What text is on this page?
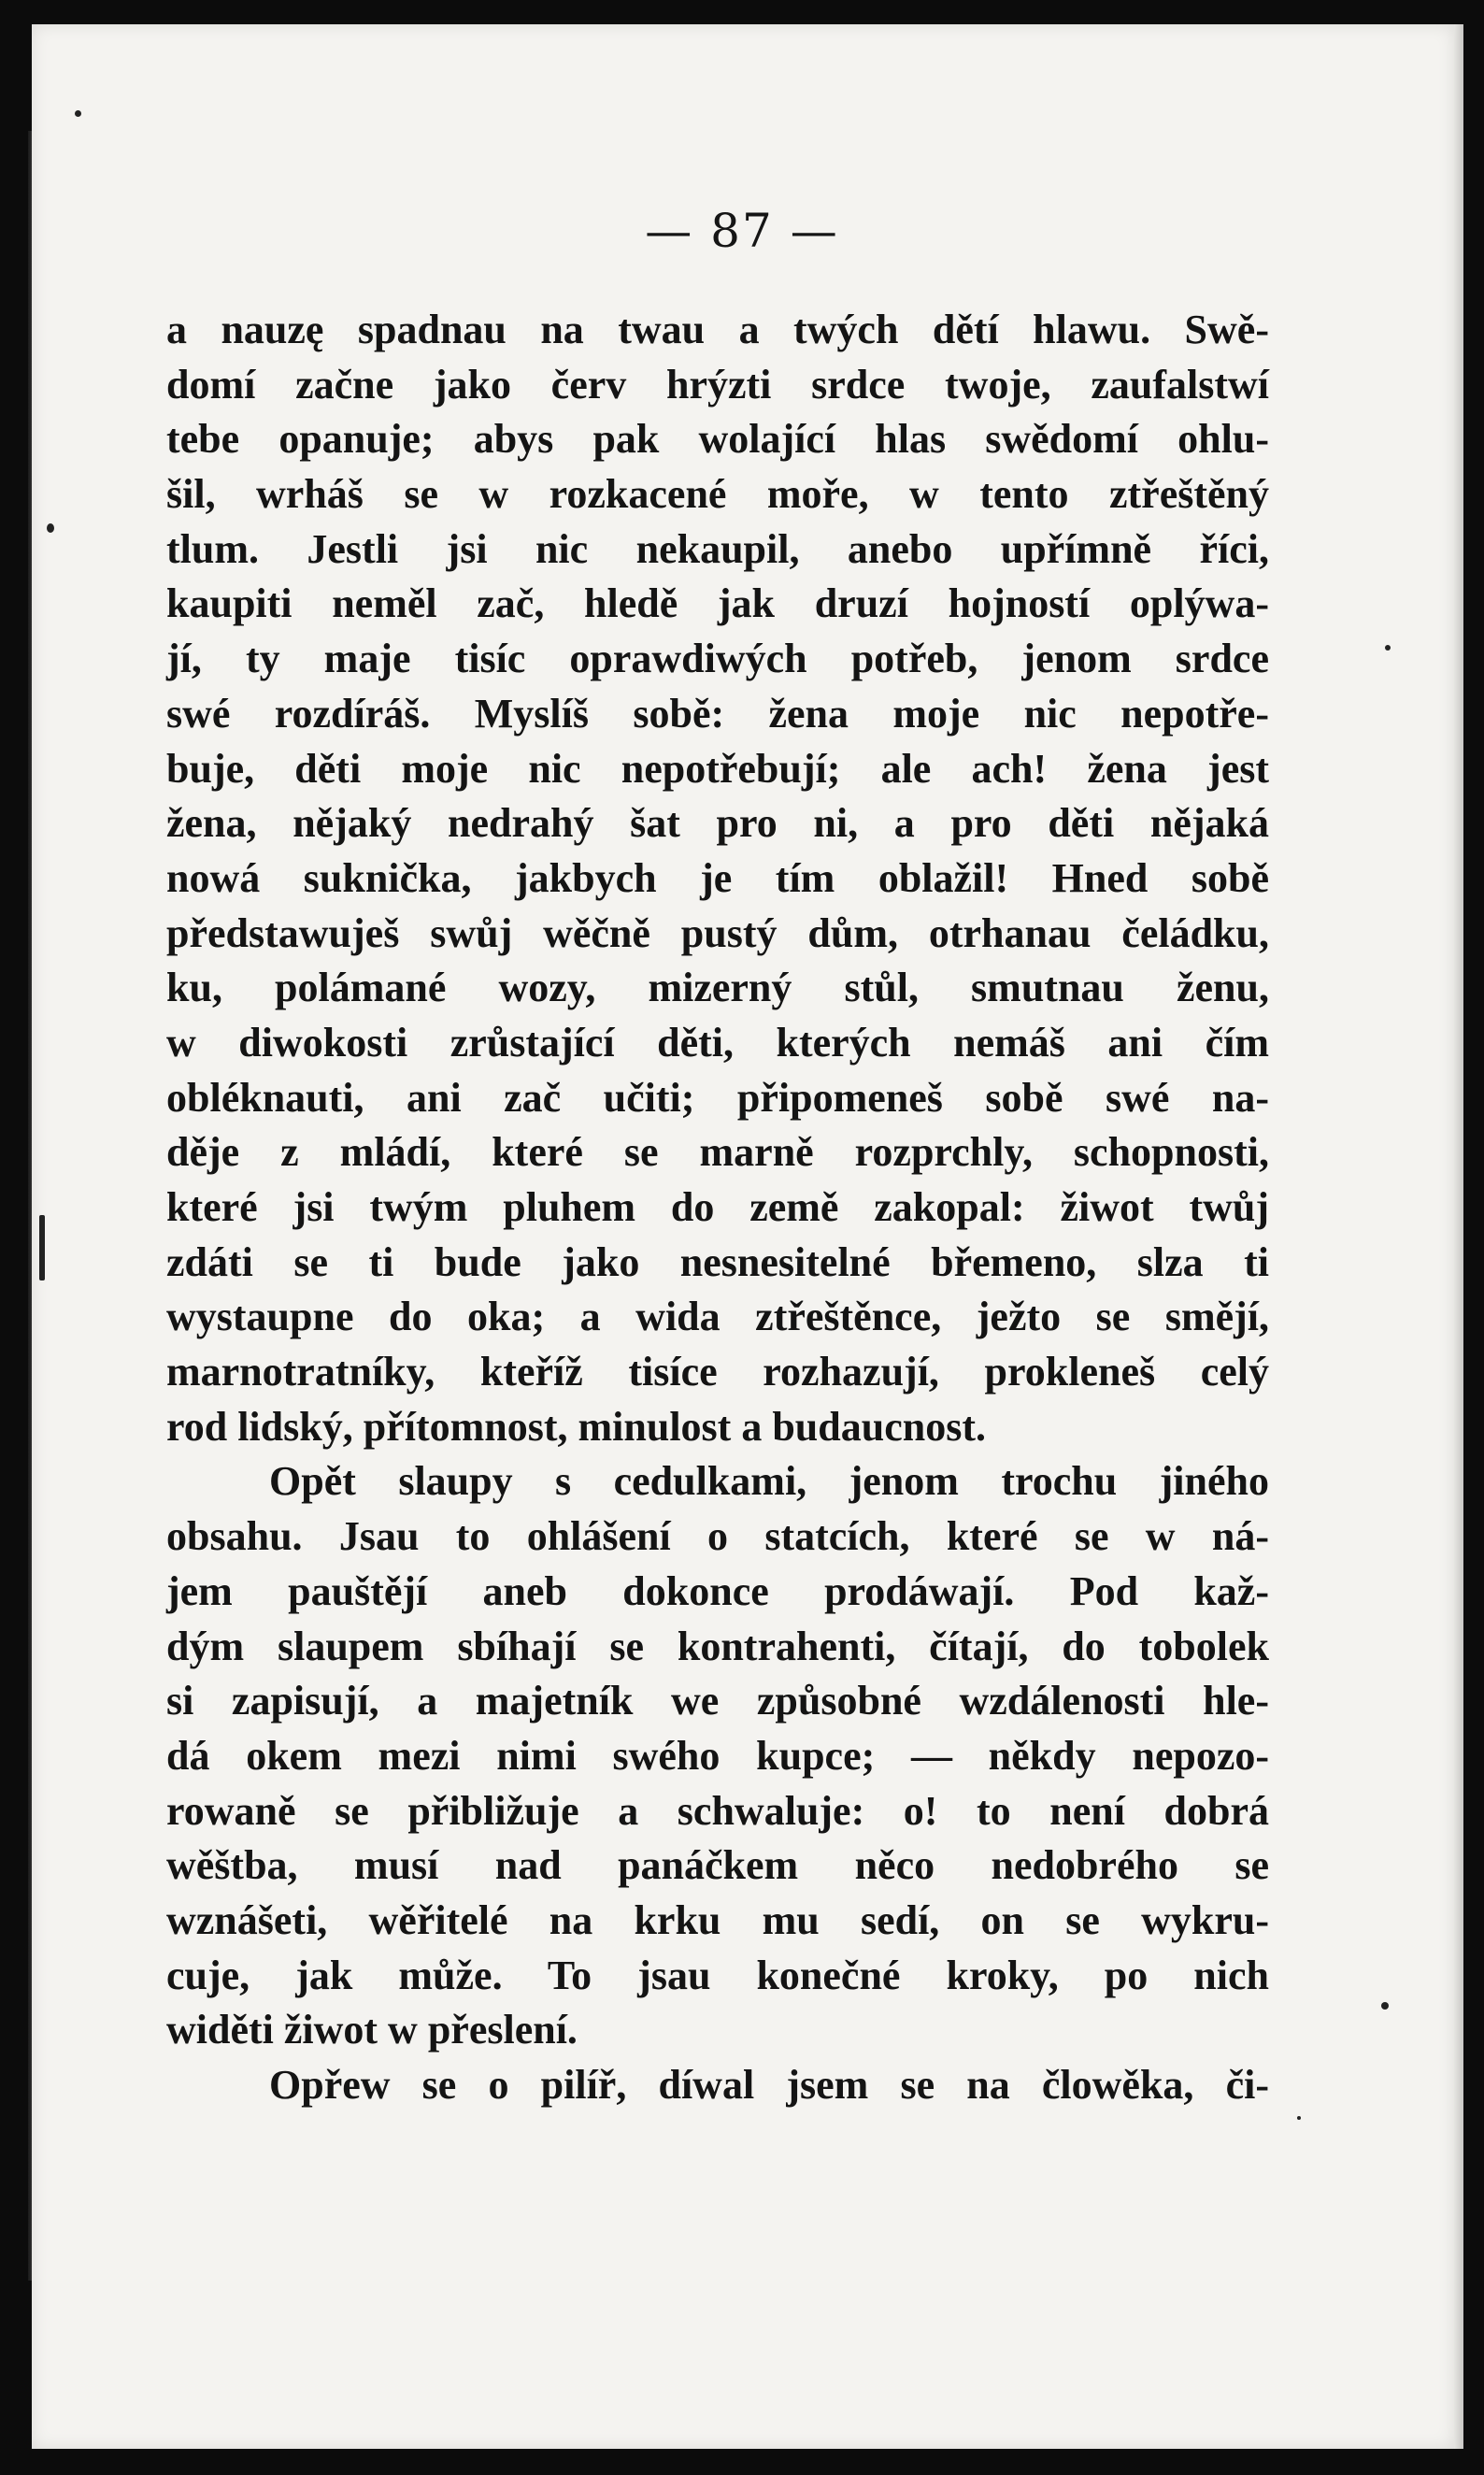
— 87 —
a nauzę spadnau na twau a twých dětí hlawu. Swě-
domí začne jako červ hrýzti srdce twoje, zaufalstwí
tebe opanuje; abys pak wolající hlas swědomí ohlu-
šil, wrháš se w rozkacené moře, w tento ztřeštěný
tlum. Jestli jsi nic nekaupil, anebo upřímně říci,
kaupiti neměl zač, hledě jak druzí hojností oplýwa-
jí, ty maje tisíc oprawdiwých potřeb, jenom srdce
swé rozdíráš. Myslíš sobě: žena moje nic nepotře-
buje, děti moje nic nepotřebují; ale ach! žena jest
žena, nějaký nedrahý šat pro ni, a pro děti nějaká
nowá suknička, jakbych je tím oblažil! Hned sobě
předstawuješ swůj wěčně pustý dům, otrhanau čeládku,
ku, polámané wozy, mizerný stůl, smutnau ženu,
w diwokosti zrůstající děti, kterých nemáš ani čím
obléknauti, ani zač učiti; připomeneš sobě swé na-
děje z mládí, které se marně rozprchly, schopnosti,
které jsi twým pluhem do země zakopal: žiwot twůj
zdáti se ti bude jako nesnesitelné břemeno, slza ti
wystaupne do oka; a wida ztřeštěnce, ježto se smějí,
marnotratníky, kteříž tisíce rozhazují, prokleneš celý
rod lidský, přítomnost, minulost a budaucnost.
Opět slaupy s cedulkami, jenom trochu jiného
obsahu. Jsau to ohlášení o statcích, které se w ná-
jem pauštějí aneb dokonce prodáwají. Pod kaž-
dým slaupem sbíhají se kontrahenti, čítají, do tobolek
si zapisují, a majetník we způsobné wzdálenosti hle-
dá okem mezi nimi swého kupce; — někdy nepozo-
rowaně se přibližuje a schwaluje: o! to není dobrá
wěštba, musí nad panáčkem něco nedobrého se
wznášeti, wěřitelé na krku mu sedí, on se wykru-
cuje, jak může. To jsau konečné kroky, po nich
widěti žiwot w přeslení.
Opřew se o pilíř, díwal jsem se na člowěka, či-
